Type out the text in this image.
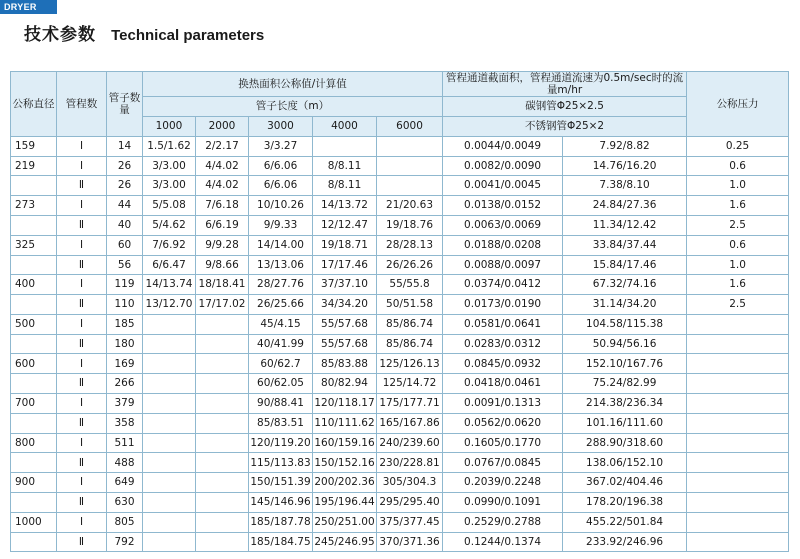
DRYER
技术参数 Technical parameters
公称直径	管程数	管子数量	换热面积公称值/计算值					管程通道截面积，管程通道流速为0.5m/sec时的流量m/hr		公称压力

			管子长度（m）					碳钢管Φ25×2.5		
			1000	2000	3000	4000	6000	不锈钢管Φ25×2		
159	Ⅰ	14	1.5/1.62	2/2.17	3/3.27			0.0044/0.0049	7.92/8.82	0.25
219	Ⅰ	26	3/3.00	4/4.02	6/6.06	8/8.11		0.0082/0.0090	14.76/16.20	0.6
	Ⅱ	26	3/3.00	4/4.02	6/6.06	8/8.11		0.0041/0.0045	7.38/8.10	1.0
273	Ⅰ	44	5/5.08	7/6.18	10/10.26	14/13.72	21/20.63	0.0138/0.0152	24.84/27.36	1.6
	Ⅱ	40	5/4.62	6/6.19	9/9.33	12/12.47	19/18.76	0.0063/0.0069	11.34/12.42	2.5
325	Ⅰ	60	7/6.92	9/9.28	14/14.00	19/18.71	28/28.13	0.0188/0.0208	33.84/37.44	0.6
	Ⅱ	56	6/6.47	9/8.66	13/13.06	17/17.46	26/26.26	0.0088/0.0097	15.84/17.46	1.0
400	Ⅰ	119	14/13.74	18/18.41	28/27.76	37/37.10	55/55.8	0.0374/0.0412	67.32/74.16	1.6
	Ⅱ	110	13/12.70	17/17.02	26/25.66	34/34.20	50/51.58	0.0173/0.0190	31.14/34.20	2.5
500	Ⅰ	185			45/4.15	55/57.68	85/86.74	0.0581/0.0641	104.58/115.38	
	Ⅱ	180			40/41.99	55/57.68	85/86.74	0.0283/0.0312	50.94/56.16	
600	Ⅰ	169			60/62.7	85/83.88	125/126.13	0.0845/0.0932	152.10/167.76	
	Ⅱ	266			60/62.05	80/82.94	125/14.72	0.0418/0.0461	75.24/82.99	
700	Ⅰ	379			90/88.41	120/118.17	175/177.71	0.0091/0.1313	214.38/236.34	
	Ⅱ	358			85/83.51	110/111.62	165/167.86	0.0562/0.0620	101.16/111.60	
800	Ⅰ	511			120/119.20	160/159.16	240/239.60	0.1605/0.1770	288.90/318.60	
	Ⅱ	488			115/113.83	150/152.16	230/228.81	0.0767/0.0845	138.06/152.10	
900	Ⅰ	649			150/151.39	200/202.36	305/304.3	0.2039/0.2248	367.02/404.46	
	Ⅱ	630			145/146.96	195/196.44	295/295.40	0.0990/0.1091	178.20/196.38	
1000	Ⅰ	805			185/187.78	250/251.00	375/377.45	0.2529/0.2788	455.22/501.84	
	Ⅱ	792			185/184.75	245/246.95	370/371.36	0.1244/0.1374	233.92/246.96	
